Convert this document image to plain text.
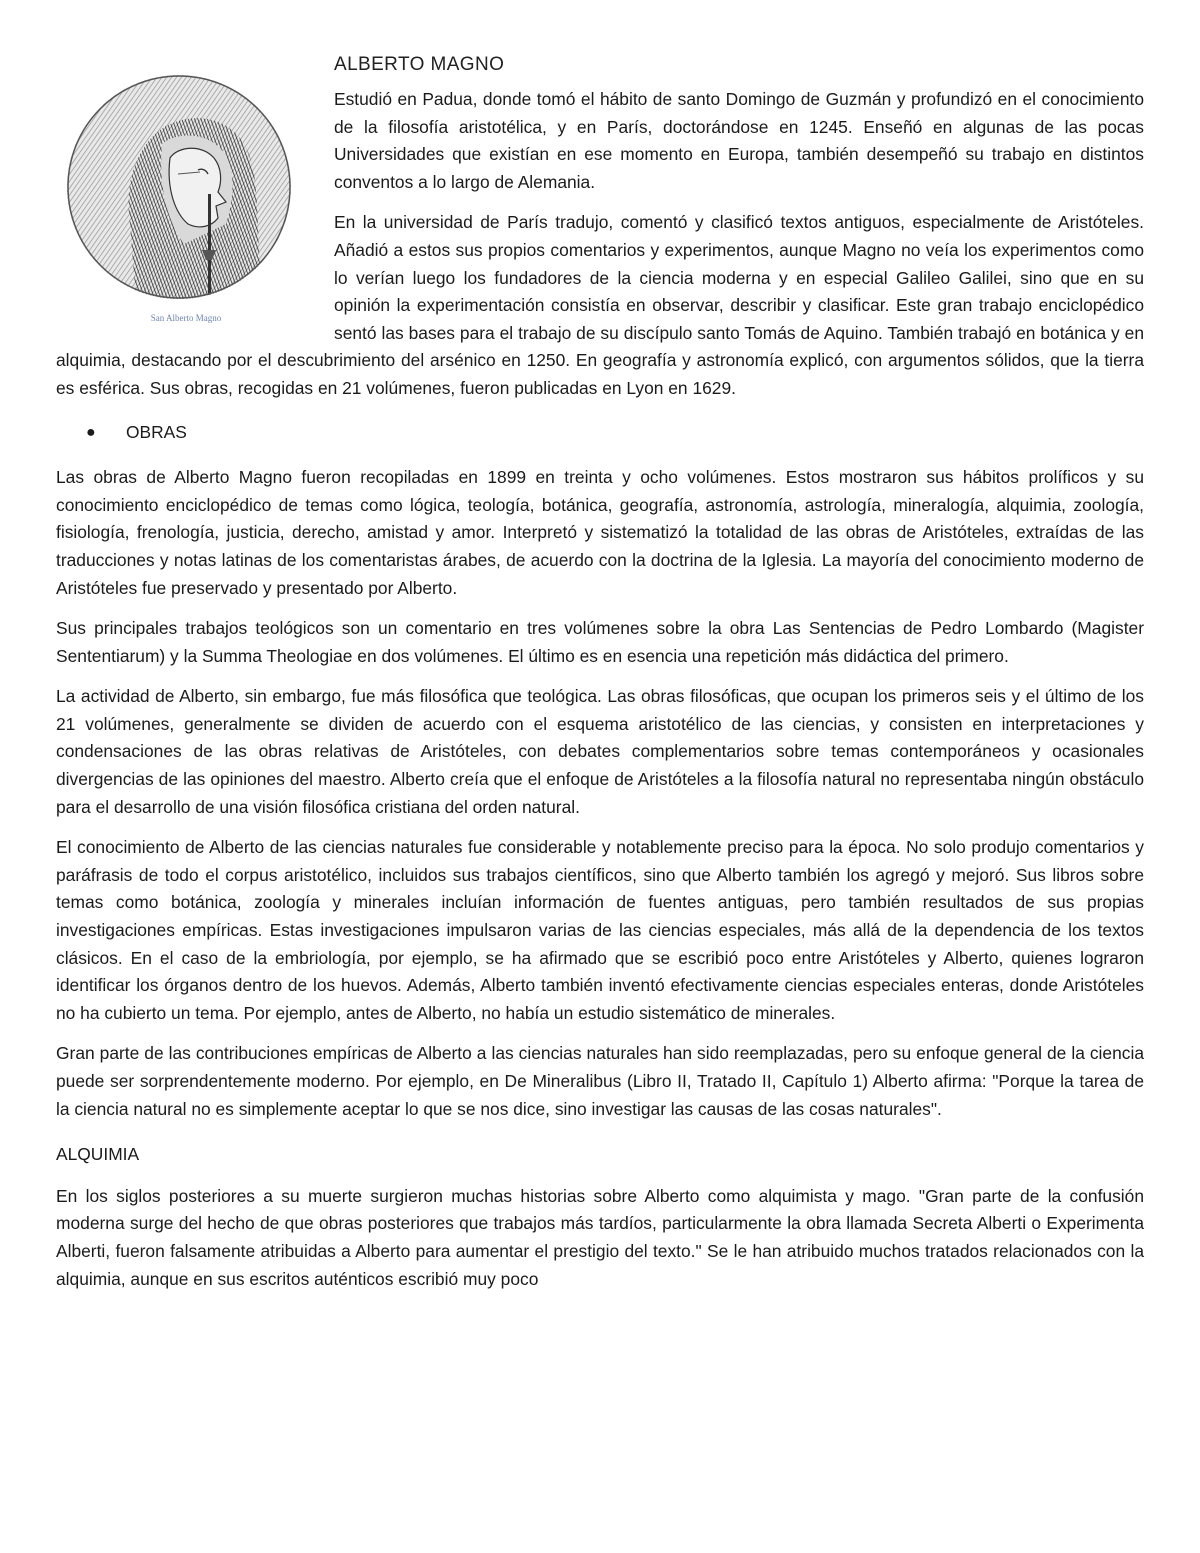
San Alberto Magno
ALBERTO MAGNO

Estudió en Padua, donde tomó el hábito de santo Domingo de Guzmán y profundizó en el conocimiento de la filosofía aristotélica, y en París, doctorándose en 1245. Enseñó en algunas de las pocas Universidades que existían en ese momento en Europa, también desempeñó su trabajo en distintos conventos a lo largo de Alemania.

En la universidad de París tradujo, comentó y clasificó textos antiguos, especialmente de Aristóteles. Añadió a estos sus propios comentarios y experimentos, aunque Magno no veía los experimentos como lo verían luego los fundadores de la ciencia moderna y en especial Galileo Galilei, sino que en su opinión la experimentación consistía en observar, describir y clasificar. Este gran trabajo enciclopédico sentó las bases para el trabajo de su discípulo santo Tomás de Aquino. También trabajó en botánica y en alquimia, destacando por el descubrimiento del arsénico en 1250. En geografía y astronomía explicó, con argumentos sólidos, que la tierra es esférica. Sus obras, recogidas en 21 volúmenes, fueron publicadas en Lyon en 1629.

●	OBRAS

Las obras de Alberto Magno fueron recopiladas en 1899 en treinta y ocho volúmenes. Estos mostraron sus hábitos prolíficos y su conocimiento enciclopédico de temas como lógica, teología, botánica, geografía, astronomía, astrología, mineralogía, alquimia, zoología, fisiología, frenología, justicia, derecho, amistad y amor. Interpretó y sistematizó la totalidad de las obras de Aristóteles, extraídas de las traducciones y notas latinas de los comentaristas árabes, de acuerdo con la doctrina de la Iglesia. La mayoría del conocimiento moderno de Aristóteles fue preservado y presentado por Alberto.

Sus principales trabajos teológicos son un comentario en tres volúmenes sobre la obra Las Sentencias de Pedro Lombardo (Magister Sententiarum) y la Summa Theologiae en dos volúmenes. El último es en esencia una repetición más didáctica del primero.

La actividad de Alberto, sin embargo, fue más filosófica que teológica. Las obras filosóficas, que ocupan los primeros seis y el último de los 21 volúmenes, generalmente se dividen de acuerdo con el esquema aristotélico de las ciencias, y consisten en interpretaciones y condensaciones de las obras relativas de Aristóteles, con debates complementarios sobre temas contemporáneos y ocasionales divergencias de las opiniones del maestro. Alberto creía que el enfoque de Aristóteles a la filosofía natural no representaba ningún obstáculo para el desarrollo de una visión filosófica cristiana del orden natural.

El conocimiento de Alberto de las ciencias naturales fue considerable y notablemente preciso para la época. No solo produjo comentarios y paráfrasis de todo el corpus aristotélico, incluidos sus trabajos científicos, sino que Alberto también los agregó y mejoró. Sus libros sobre temas como botánica, zoología y minerales incluían información de fuentes antiguas, pero también resultados de sus propias investigaciones empíricas. Estas investigaciones impulsaron varias de las ciencias especiales, más allá de la dependencia de los textos clásicos. En el caso de la embriología, por ejemplo, se ha afirmado que se escribió poco entre Aristóteles y Alberto, quienes lograron identificar los órganos dentro de los huevos. Además, Alberto también inventó efectivamente ciencias especiales enteras, donde Aristóteles no ha cubierto un tema. Por ejemplo, antes de Alberto, no había un estudio sistemático de minerales.

Gran parte de las contribuciones empíricas de Alberto a las ciencias naturales han sido reemplazadas, pero su enfoque general de la ciencia puede ser sorprendentemente moderno. Por ejemplo, en De Mineralibus (Libro II, Tratado II, Capítulo 1) Alberto afirma: "Porque la tarea de la ciencia natural no es simplemente aceptar lo que se nos dice, sino investigar las causas de las cosas naturales".

ALQUIMIA

En los siglos posteriores a su muerte surgieron muchas historias sobre Alberto como alquimista y mago. "Gran parte de la confusión moderna surge del hecho de que obras posteriores que trabajos más tardíos, particularmente la obra llamada Secreta Alberti o Experimenta Alberti, fueron falsamente atribuidas a Alberto para aumentar el prestigio del texto." Se le han atribuido muchos tratados relacionados con la alquimia, aunque en sus escritos auténticos escribió muy poco
